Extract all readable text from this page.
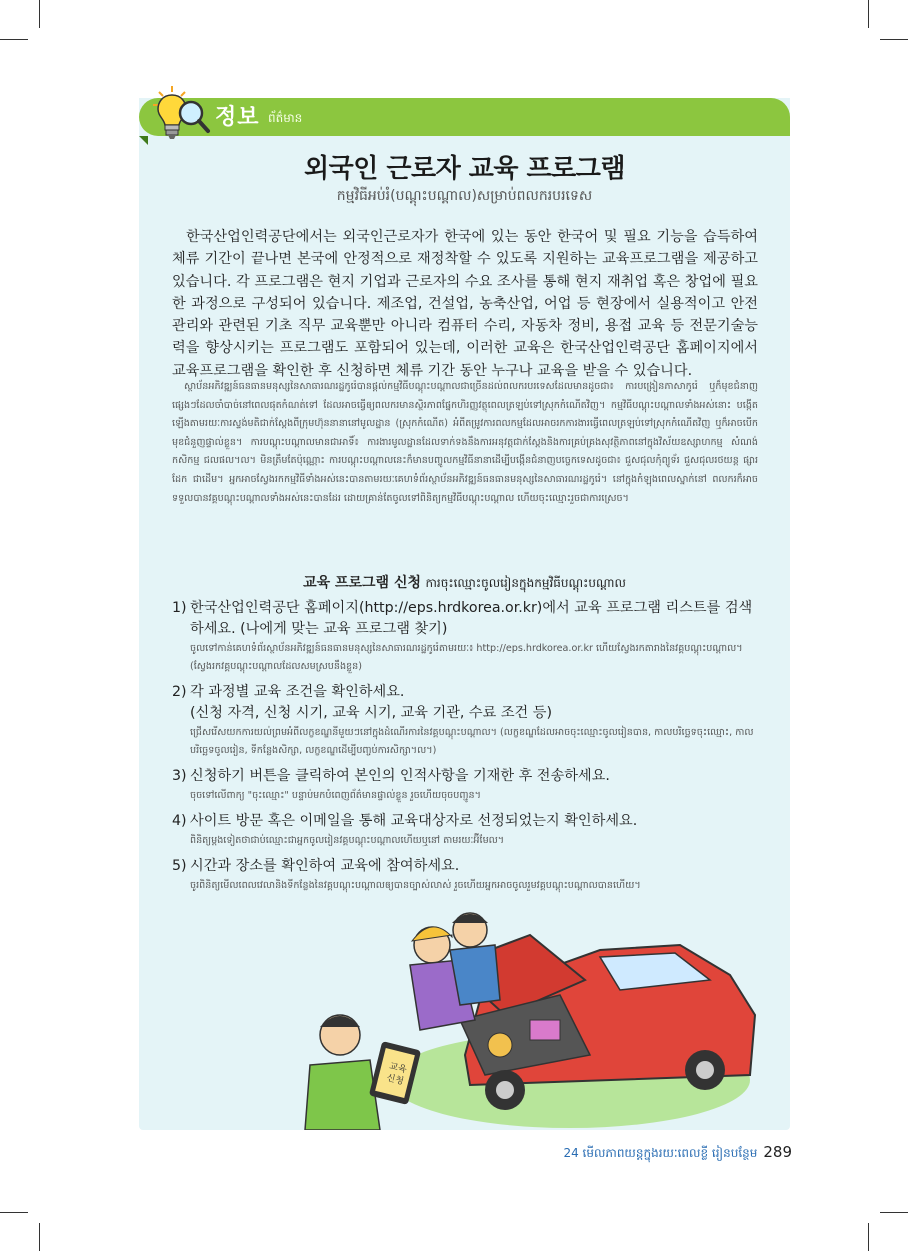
정보 ព័ត៌មាន
외국인 근로자 교육 프로그램
កម្មវិធីអប់រំ(បណ្តុះបណ្តាល)សម្រាប់ពលករបរទេស
한국산업인력공단에서는 외국인근로자가 한국에 있는 동안 한국어 및 필요 기능을 습득하여 체류 기간이 끝나면 본국에 안정적으로 재정착할 수 있도록 지원하는 교육프로그램을 제공하고 있습니다. 각 프로그램은 현지 기업과 근로자의 수요 조사를 통해 현지 재취업 혹은 창업에 필요한 과정으로 구성되어 있습니다. 제조업, 건설업, 농축산업, 어업 등 현장에서 실용적이고 안전 관리와 관련된 기초 직무 교육뿐만 아니라 컴퓨터 수리, 자동차 정비, 용접 교육 등 전문기술능력을 향상시키는 프로그램도 포함되어 있는데, 이러한 교육은 한국산업인력공단 홈페이지에서 교육프로그램을 확인한 후 신청하면 체류 기간 동안 누구나 교육을 받을 수 있습니다.
ស្ថាប័នអភិវឌ្ឍន៍ធនធានមនុស្សនៃសាធារណរដ្ឋកូរ៉េបានផ្តល់កម្មវិធីបណ្តុះបណ្តាលជាច្រើនដល់ពលករបរទេសដែលមានដូចជា៖ ការបង្រៀនភាសាកូរ៉េ ឬក៏មុខជំនាញផ្សេងៗដែលចាំបាច់នៅពេលផុតកំណត់ទៅ ដែលអាចធ្វើឲ្យពលករមានស្ថិរភាពផ្នែកហិរញ្ញវត្ថុពេលត្រឡប់ទៅស្រុកកំណើតវិញ។ កម្មវិធីបណ្តុះបណ្តាលទាំងអស់នោះ បង្កើតឡើងតាមរយៈការស្ទង់មតិជាក់ស្តែងពីក្រុមហ៊ុននានានៅមូលដ្ឋាន (ស្រុកកំណើត) អំពីតម្រូវការពលកម្មដែលអាចរកការងារធ្វើពេលត្រឡប់ទៅស្រុកកំណើតវិញ ឬក៏អាចបើកមុខជំនួញផ្ទាល់ខ្លួន។ ការបណ្តុះបណ្តាលមានជាអាទិ៍៖ ការងារមូលដ្ឋានដែលទាក់ទងនឹងការអនុវត្តជាក់ស្តែងនិងការគ្រប់គ្រងសុវត្ថិភាពនៅក្នុងវិស័យឧស្សាហកម្ម សំណង់ កសិកម្ម ជលផល។ល។ មិនត្រឹមតែប៉ុណ្ណោះ ការបណ្តុះបណ្តាលនេះក៏មានបញ្ចូលកម្មវិធីនានាដើម្បីបង្កើនជំនាញបច្ចេកទេសដូចជា៖ ជួសជុលកុំព្យូទ័រ ជួសជុលរថយន្ត ផ្សារដែក ជាដើម។ អ្នកអាចស្វែងរកកម្មវិធីទាំងអស់នេះបានតាមរយៈគេហទំព័រស្ថាប័នអភិវឌ្ឍន៍ធនធានមនុស្សនៃសាធារណរដ្ឋកូរ៉េ។ នៅក្នុងកំឡុងពេលស្នាក់នៅ ពលករក៏អាចទទួលបានវគ្គបណ្តុះបណ្តាលទាំងអស់នេះបានដែរ ដោយគ្រាន់តែចូលទៅពិនិត្យកម្មវិធីបណ្តុះបណ្តាល ហើយចុះឈ្មោះរួចជាការស្រេច។
교육 프로그램 신청 ការចុះឈ្មោះចូលរៀនក្នុងកម្មវិធីបណ្តុះបណ្តាល
1) 한국산업인력공단 홈페이지(http://eps.hrdkorea.or.kr)에서 교육 프로그램 리스트를 검색하세요. (나에게 맞는 교육 프로그램 찾기)
ចូលទៅកាន់គេហទំព័រស្ថាប័នអភិវឌ្ឍន៍ធនធានមនុស្សនៃសាធារណរដ្ឋកូរ៉េតាមរយៈ៖ http://eps.hrdkorea.or.kr ហើយស្វែងរកតារាងនៃវគ្គបណ្តុះបណ្តាល។ (ស្វែងរកវគ្គបណ្តុះបណ្តាលដែលសមស្របនឹងខ្លួន)
2) 각 과정별 교육 조건을 확인하세요.
(신청 자격, 신청 시기, 교육 시기, 교육 기관, 수료 조건 등)
ជ្រើសរើសយកការយល់ព្រមអំពីលក្ខខណ្ឌនីមួយៗនៅក្នុងដំណើរការនៃវគ្គបណ្តុះបណ្តាល។ (លក្ខខណ្ឌដែលអាចចុះឈ្មោះចូលរៀនបាន, កាលបរិច្ឆេទចុះឈ្មោះ, កាលបរិច្ឆេទចូលរៀន, ទីកន្លែងសិក្សា, លក្ខខណ្ឌដើម្បីបញ្ចប់ការសិក្សា។ល។)
3) 신청하기 버튼을 클릭하여 본인의 인적사항을 기재한 후 전송하세요.
ចុចទៅលើពាក្យ "ចុះឈ្មោះ" បន្ទាប់មកបំពេញព័ត៌មានផ្ទាល់ខ្លួន រួចហើយចុចបញ្ជូន។
4) 사이트 방문 혹은 이메일을 통해 교육대상자로 선정되었는지 확인하세요.
ពិនិត្យម្តងទៀតថាជាប់ឈ្មោះជាអ្នកចូលរៀនវគ្គបណ្តុះបណ្តាលហើយឬនៅ តាមរយៈអ៊ីមែល។
5) 시간과 장소를 확인하여 교육에 참여하세요.
ចូរពិនិត្យមើលពេលវេលានិងទីកន្លែងនៃវគ្គបណ្តុះបណ្តាលឲ្យបានច្បាស់លាស់ រួចហើយអ្នកអាចចូលរួមវគ្គបណ្តុះបណ្តាលបានហើយ។
교육
신청
24 មើលភាពយន្តក្នុងរយៈពេលខ្លី រៀនបន្ថែម 289
